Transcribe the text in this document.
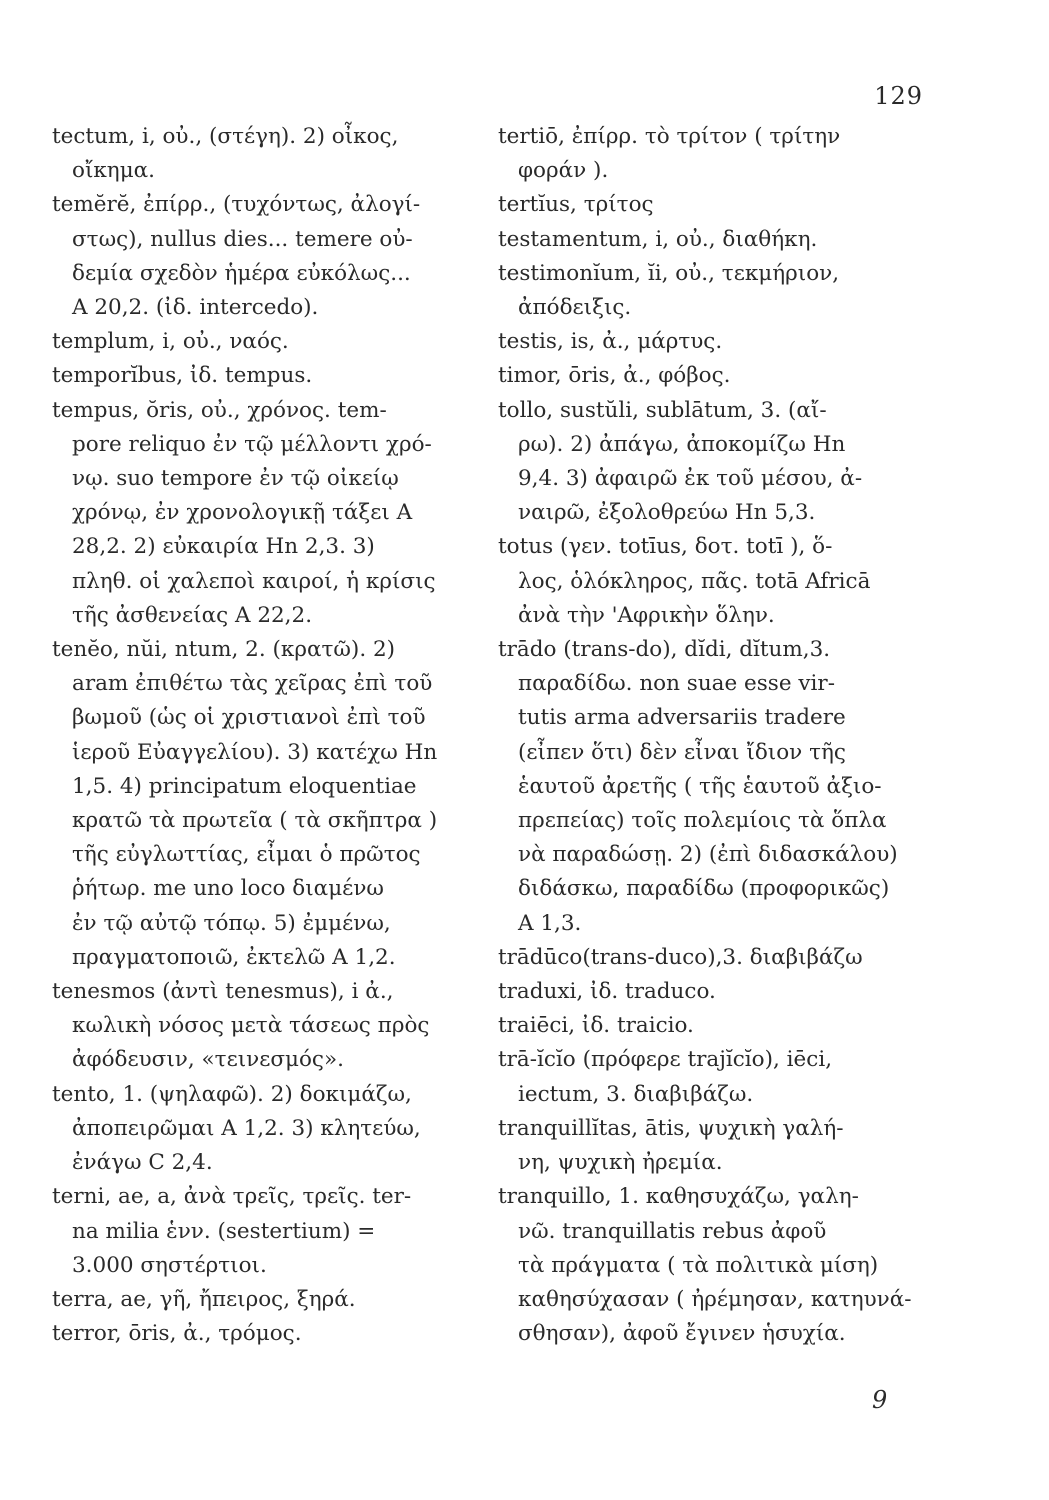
129
tectum, i, οὐ., (στέγη). 2) οἶκος,
οἴκημα.
temĕrĕ, ἐπίρρ., (τυχόντως, ἀλογί-
στως), nullus dies... temere οὐ-
δεμία σχεδὸν ἡμέρα εὐκόλως...
A 20,2. (ἰδ. intercedo).
templum, i, οὐ., ναός.
temporĭbus, ἰδ. tempus.
tempus, ŏris, οὐ., χρόνος. tem-
pore reliquo ἐν τῷ μέλλοντι χρό-
νῳ. suo tempore ἐν τῷ οἰκείῳ
χρόνῳ, ἐν χρονολογικῇ τάξει A
28,2. 2) εὐκαιρία Hn 2,3. 3)
πληθ. οἱ χαλεποὶ καιροί, ἡ κρίσις
τῆς ἀσθενείας A 22,2.
tenĕo, nŭi, ntum, 2. (κρατῶ). 2)
aram ἐπιθέτω τὰς χεῖρας ἐπὶ τοῦ
βωμοῦ (ὡς οἱ χριστιανοὶ ἐπὶ τοῦ
ἱεροῦ Εὐαγγελίου). 3) κατέχω Hn
1,5. 4) principatum eloquentiae
κρατῶ τὰ πρωτεῖα ( τὰ σκῆπτρα )
τῆς εὐγλωττίας, εἶμαι ὁ πρῶτος
ῥήτωρ. me uno loco διαμένω
ἐν τῷ αὐτῷ τόπῳ. 5) ἐμμένω,
πραγματοποιῶ, ἐκτελῶ A 1,2.
tenesmos (ἀντὶ tenesmus), i ἀ.,
κωλικὴ νόσος μετὰ τάσεως πρὸς
ἀφόδευσιν, «τεινεσμός».
tento, 1. (ψηλαφῶ). 2) δοκιμάζω,
ἀποπειρῶμαι A 1,2. 3) κλητεύω,
ἐνάγω C 2,4.
terni, ae, a, ἀνὰ τρεῖς, τρεῖς. ter-
na milia ἑνν. (sestertium) =
3.000 σηστέρτιοι.
terra, ae, γῆ, ἤπειρος, ξηρά.
terror, ōris, ἀ., τρόμος.
tertiō, ἐπίρρ. τὸ τρίτον ( τρίτην
φοράν ).
tertĭus, τρίτος
testamentum, i, οὐ., διαθήκη.
testimonĭum, ĭi, οὐ., τεκμήριον,
ἀπόδειξις.
testis, is, ἀ., μάρτυς.
timor, ōris, ἀ., φόβος.
tollo, sustŭli, sublātum, 3. (αἴ-
ρω). 2) ἀπάγω, ἀποκομίζω Hn
9,4. 3) ἀφαιρῶ ἐκ τοῦ μέσου, ἀ-
ναιρῶ, ἐξολοθρεύω Hn 5,3.
totus (γεν. totīus, δοτ. totī ), ὅ-
λος, ὁλόκληρος, πᾶς. totā Africā
ἀνὰ τὴν 'Αφρικὴν ὅλην.
trādo (trans-do), dĭdi, dĭtum,3.
παραδίδω. non suae esse vir-
tutis arma adversariis tradere
(εἶπεν ὅτι) δὲν εἶναι ἴδιον τῆς
ἑαυτοῦ ἀρετῆς ( τῆς ἑαυτοῦ ἀξιο-
πρεπείας) τοῖς πολεμίοις τὰ ὅπλα
νὰ παραδώσῃ. 2) (ἐπὶ διδασκάλου)
διδάσκω, παραδίδω (προφορικῶς)
A 1,3.
trādūco(trans-duco),3. διαβιβάζω
traduxi, ἰδ. traduco.
traiēci, ἰδ. traicio.
trā-ĭcĭo (πρόφερε trajĭcĭo), iēci,
iectum, 3. διαβιβάζω.
tranquillĭtas, ātis, ψυχικὴ γαλή-
νη, ψυχικὴ ἠρεμία.
tranquillo, 1. καθησυχάζω, γαλη-
νῶ. tranquillatis rebus ἀφοῦ
τὰ πράγματα ( τὰ πολιτικὰ μίση)
καθησύχασαν ( ἠρέμησαν, κατηυνά-
σθησαν), ἀφοῦ ἔγινεν ἡσυχία.
9
